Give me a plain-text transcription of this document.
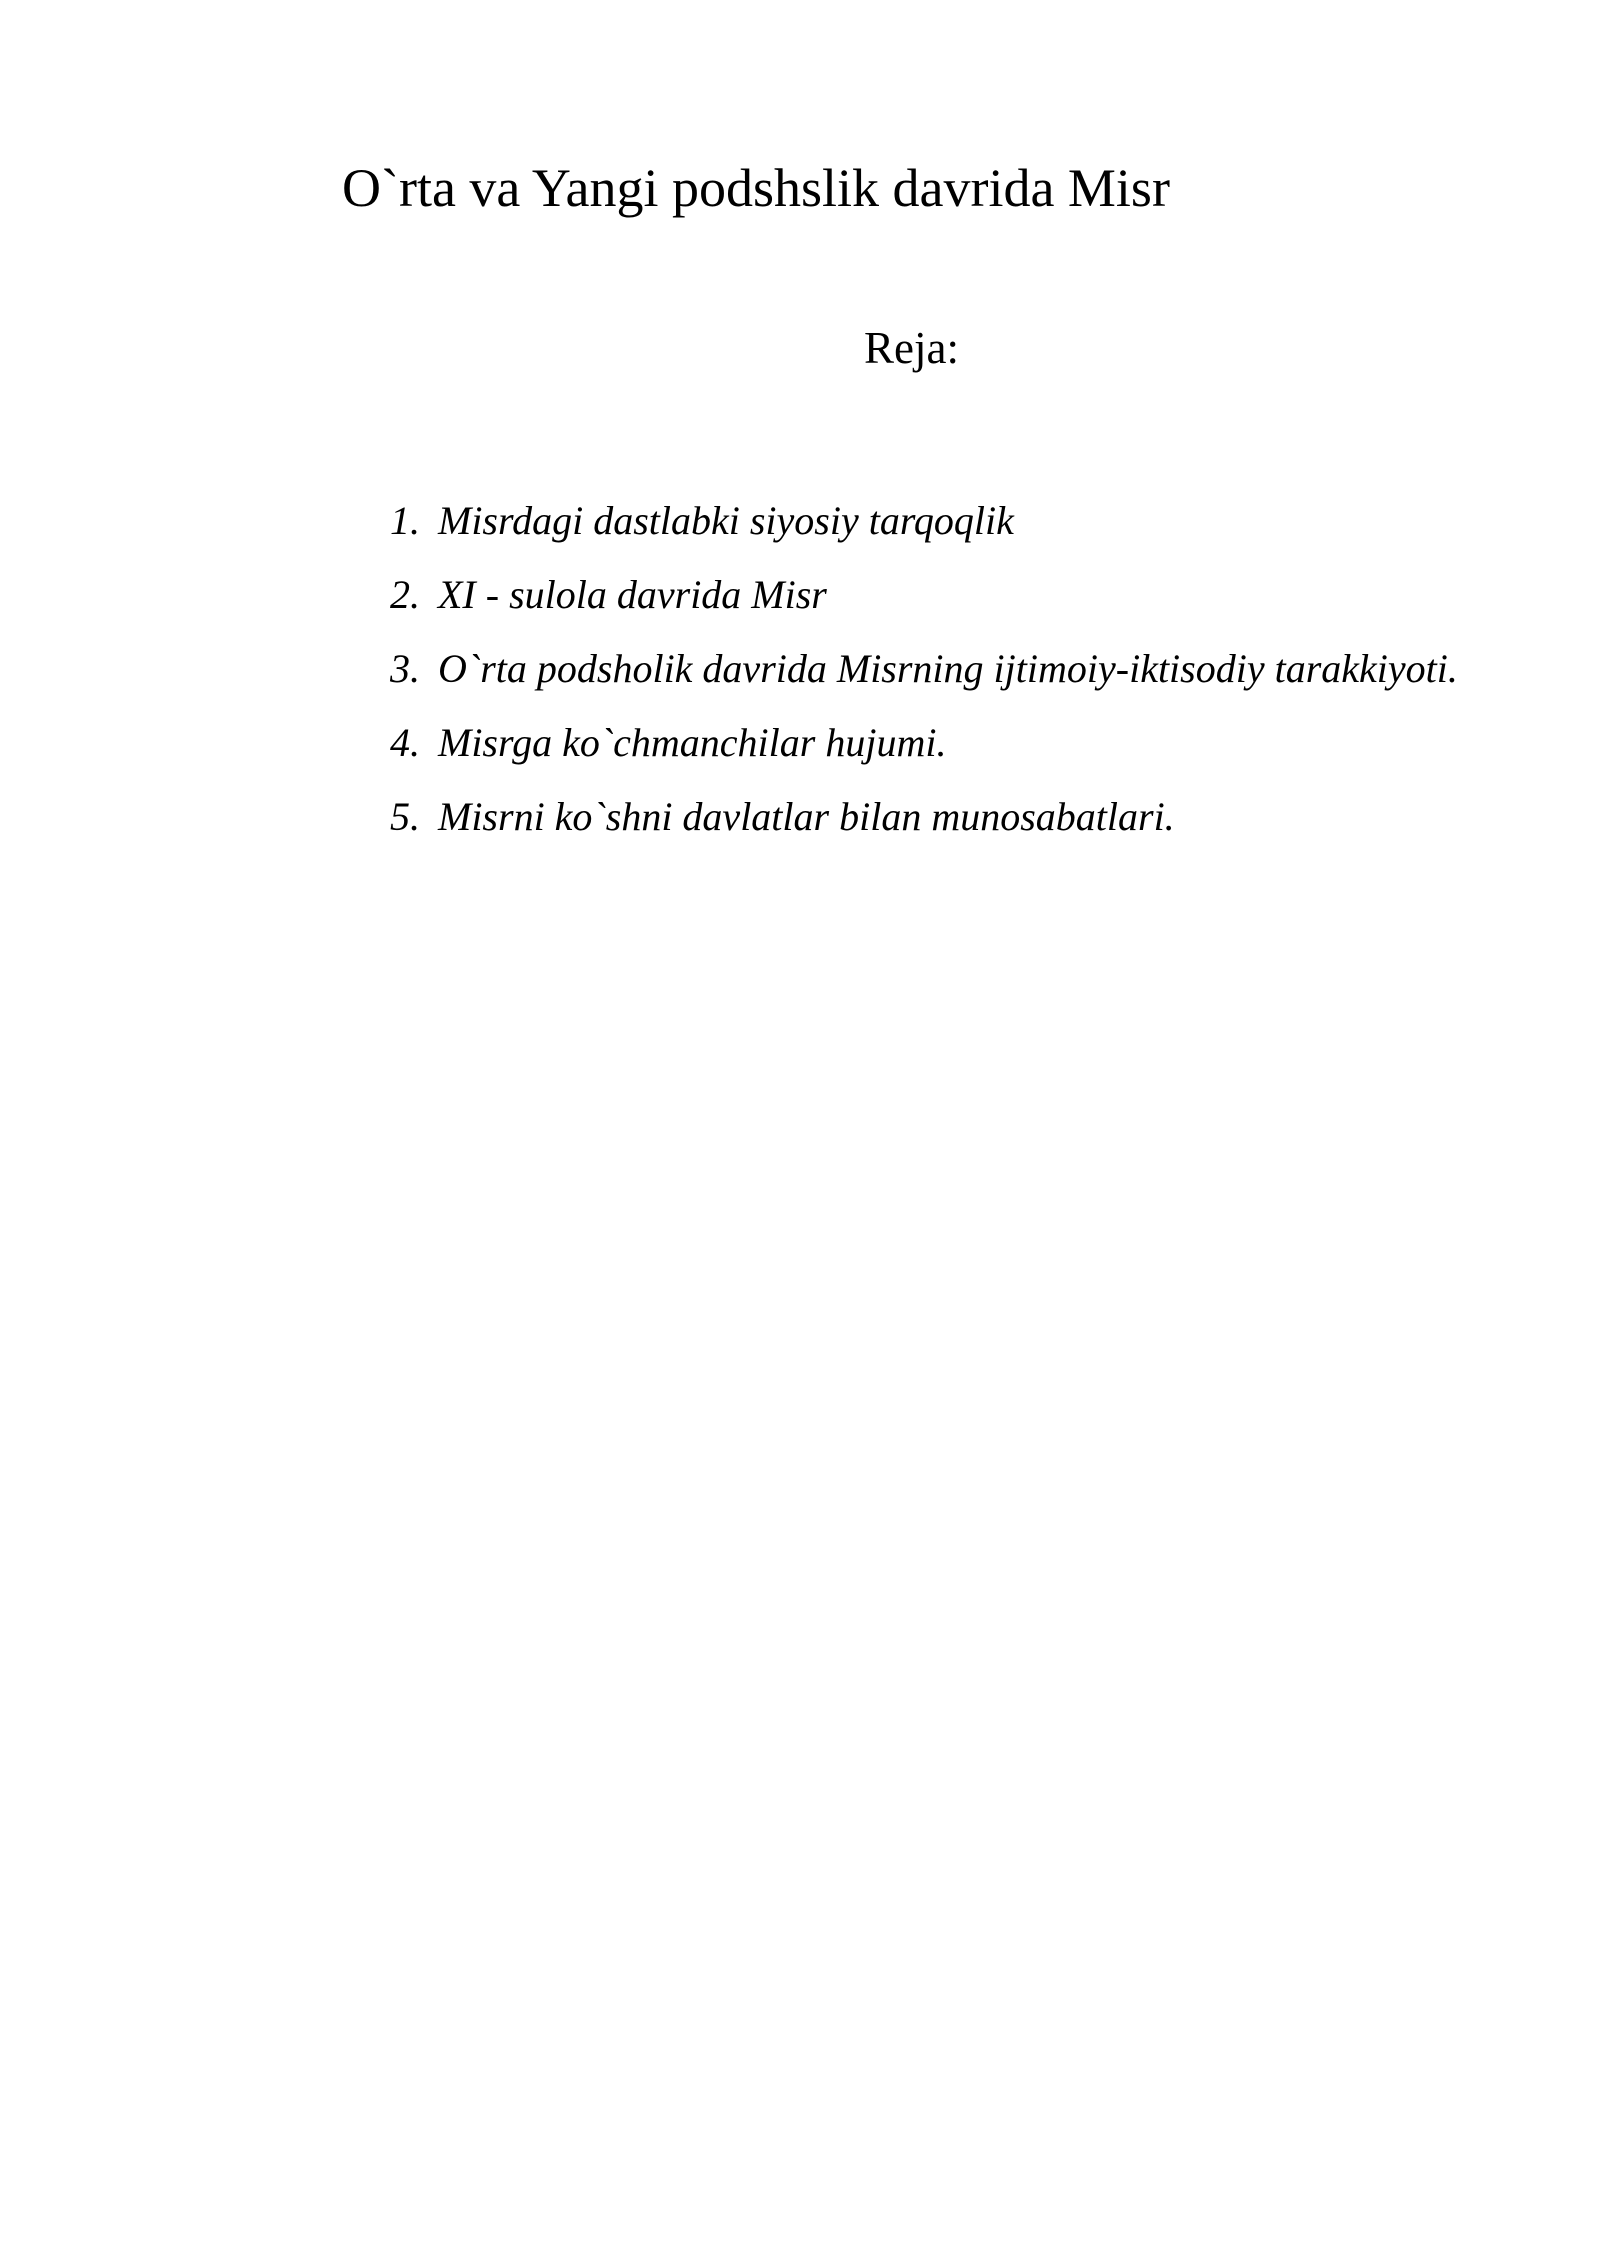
O`rta va Yangi podshslik davrida Misr
Reja:
1. Misrdagi dastlabki siyosiy tarqoqlik
2. XI - sulola davrida Misr
3. O`rta podsholik davrida Misrning ijtimoiy-iktisodiy tarakkiyoti.
4. Misrga ko`chmanchilar hujumi.
5. Misrni ko`shni davlatlar bilan munosabatlari.
